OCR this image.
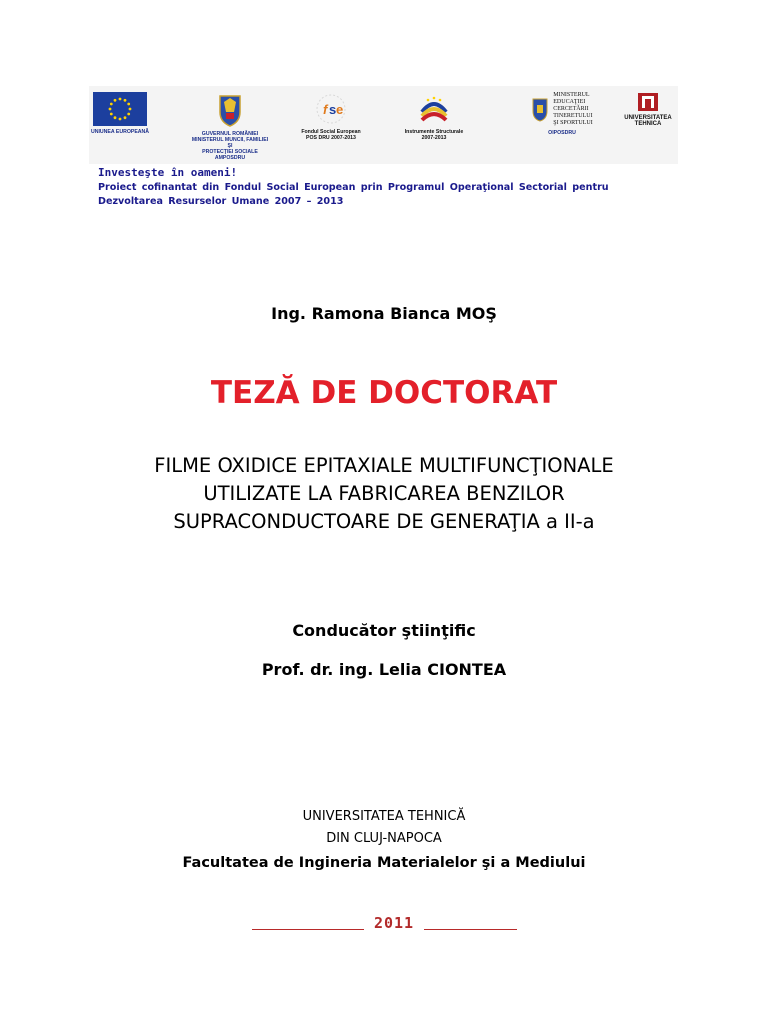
UNIUNEA EUROPEANĂ	GUVERNUL ROMÂNIEI
MINISTERUL MUNCII, FAMILIEI ŞI
PROTECŢIEI SOCIALE
AMPOSDRU
f s e
Fondul Social European
POS DRU 2007-2013
Instrumente Structurale
2007-2013
MINISTERUL
EDUCAŢIEI
CERCETĂRII
TINERETULUI
ŞI SPORTULUI
OIPOSDRU
UNIVERSITATEA
TEHNICA
Investeşte în oameni!
Proiect cofinantat din Fondul Social European prin Programul Operaţional Sectorial pentru
Dezvoltarea Resurselor Umane 2007 – 2013
Ing. Ramona Bianca MOŞ
TEZĂ DE DOCTORAT
FILME OXIDICE EPITAXIALE MULTIFUNCŢIONALE
UTILIZATE LA FABRICAREA BENZILOR
SUPRACONDUCTOARE DE GENERAŢIA a II-a
Conducător ştiinţific
Prof. dr. ing. Lelia CIONTEA
UNIVERSITATEA TEHNICĂ
DIN CLUJ-NAPOCA
Facultatea de Ingineria Materialelor şi a Mediului
2011
